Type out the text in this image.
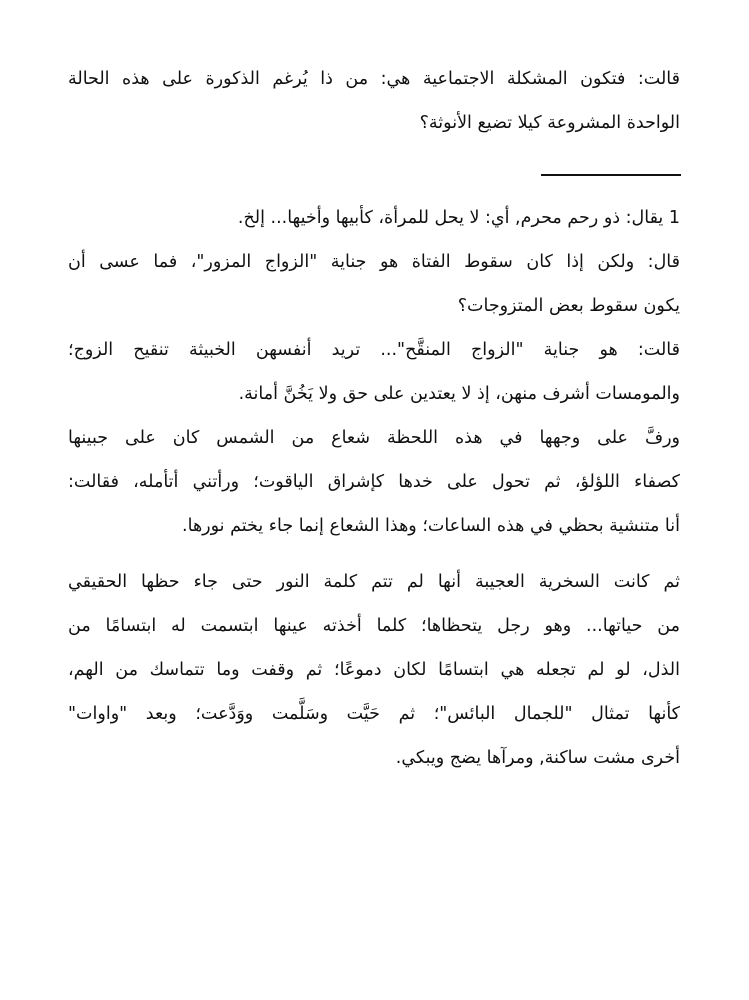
قالت: فتكون المشكلة الاجتماعية هي: من ذا يُرغم الذكورة على هذه الحالة
الواحدة المشروعة كيلا تضيع الأنوثة؟
1 يقال: ذو رحم محرم, أي: لا يحل للمرأة، كأبيها وأخيها... إلخ.
قال: ولكن إذا كان سقوط الفتاة هو جناية "الزواج المزور"، فما عسى أن
يكون سقوط بعض المتزوجات؟
قالت: هو جناية "الزواج المنقَّح"... تريد أنفسهن الخبيثة تنقيح الزوج؛
والمومسات أشرف منهن، إذ لا يعتدين على حق ولا يَخُنَّ أمانة.
ورفَّ على وجهها في هذه اللحظة شعاع من الشمس كان على جبينها
كصفاء اللؤلؤ، ثم تحول على خدها كإشراق الياقوت؛ ورأتني أتأمله، فقالت:
أنا متنشية بحظي في هذه الساعات؛ وهذا الشعاع إنما جاء يختم نورها.
ثم كانت السخرية العجيبة أنها لم تتم كلمة النور حتى جاء حظها الحقيقي
من حياتها... وهو رجل يتحظاها؛ كلما أخذته عينها ابتسمت له ابتسامًا من
الذل، لو لم تجعله هي ابتسامًا لكان دموعًا؛ ثم وقفت وما تتماسك من الهم،
كأنها تمثال "للجمال البائس"؛ ثم حَيَّت وسَلَّمت ووَدَّعت؛ وبعد "واوات"
أخرى مشت ساكنة, ومرآها يضج ويبكي.
